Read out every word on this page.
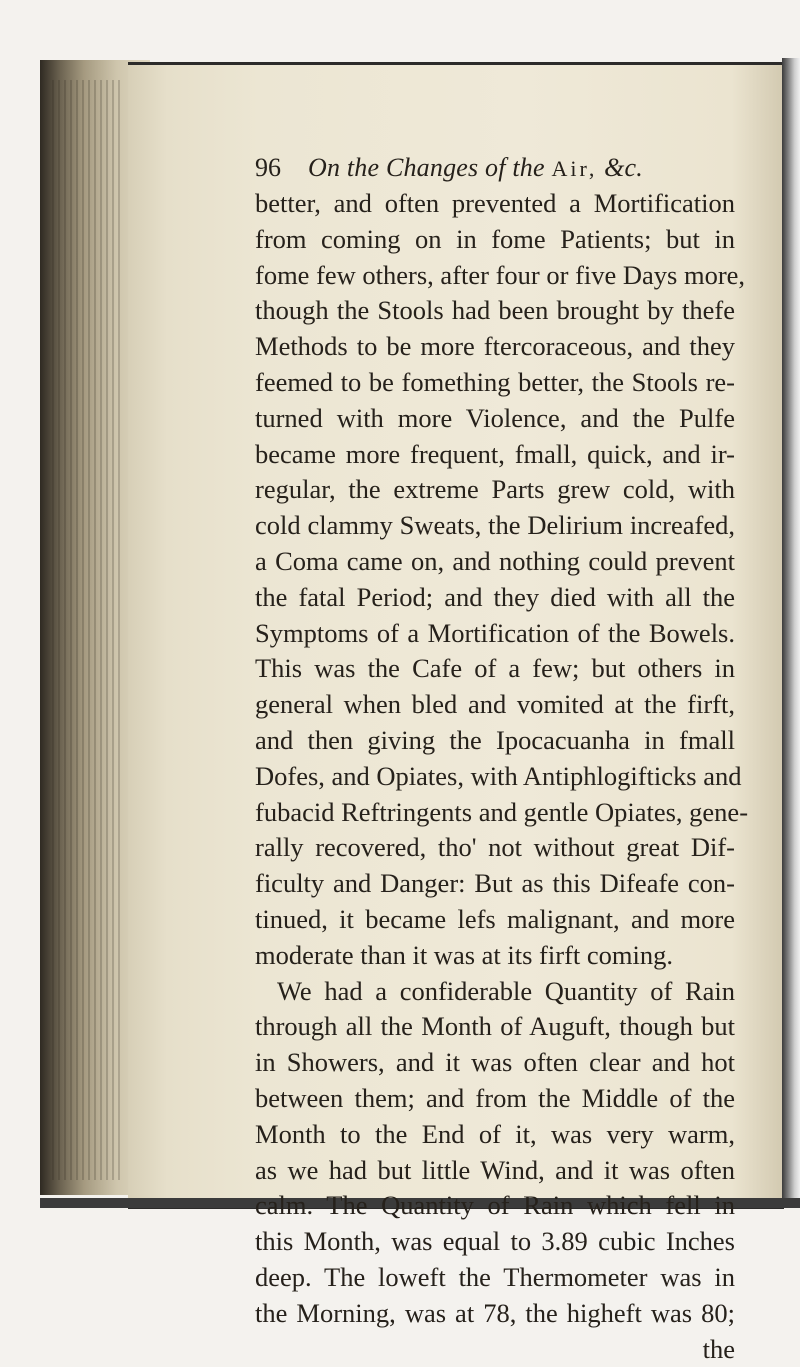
96 On the Changes of the Air, &c.
better, and often prevented a Mortification
from coming on in fome Patients; but in
fome few others, after four or five Days more,
though the Stools had been brought by thefe
Methods to be more ftercoraceous, and they
feemed to be fomething better, the Stools re-
turned with more Violence, and the Pulfe
became more frequent, fmall, quick, and ir-
regular, the extreme Parts grew cold, with
cold clammy Sweats, the Delirium increafed,
a Coma came on, and nothing could prevent
the fatal Period; and they died with all the
Symptoms of a Mortification of the Bowels.
This was the Cafe of a few; but others in
general when bled and vomited at the firft,
and then giving the Ipocacuanha in fmall
Dofes, and Opiates, with Antiphlogifticks and
fubacid Reftringents and gentle Opiates, gene-
rally recovered, tho' not without great Dif-
ficulty and Danger: But as this Difeafe con-
tinued, it became lefs malignant, and more
moderate than it was at its firft coming.
We had a confiderable Quantity of Rain
through all the Month of Auguft, though but
in Showers, and it was often clear and hot
between them; and from the Middle of the
Month to the End of it, was very warm,
as we had but little Wind, and it was often
calm. The Quantity of Rain which fell in
this Month, was equal to 3.89 cubic Inches
deep. The loweft the Thermometer was in
the Morning, was at 78, the higheft was 80;
the
